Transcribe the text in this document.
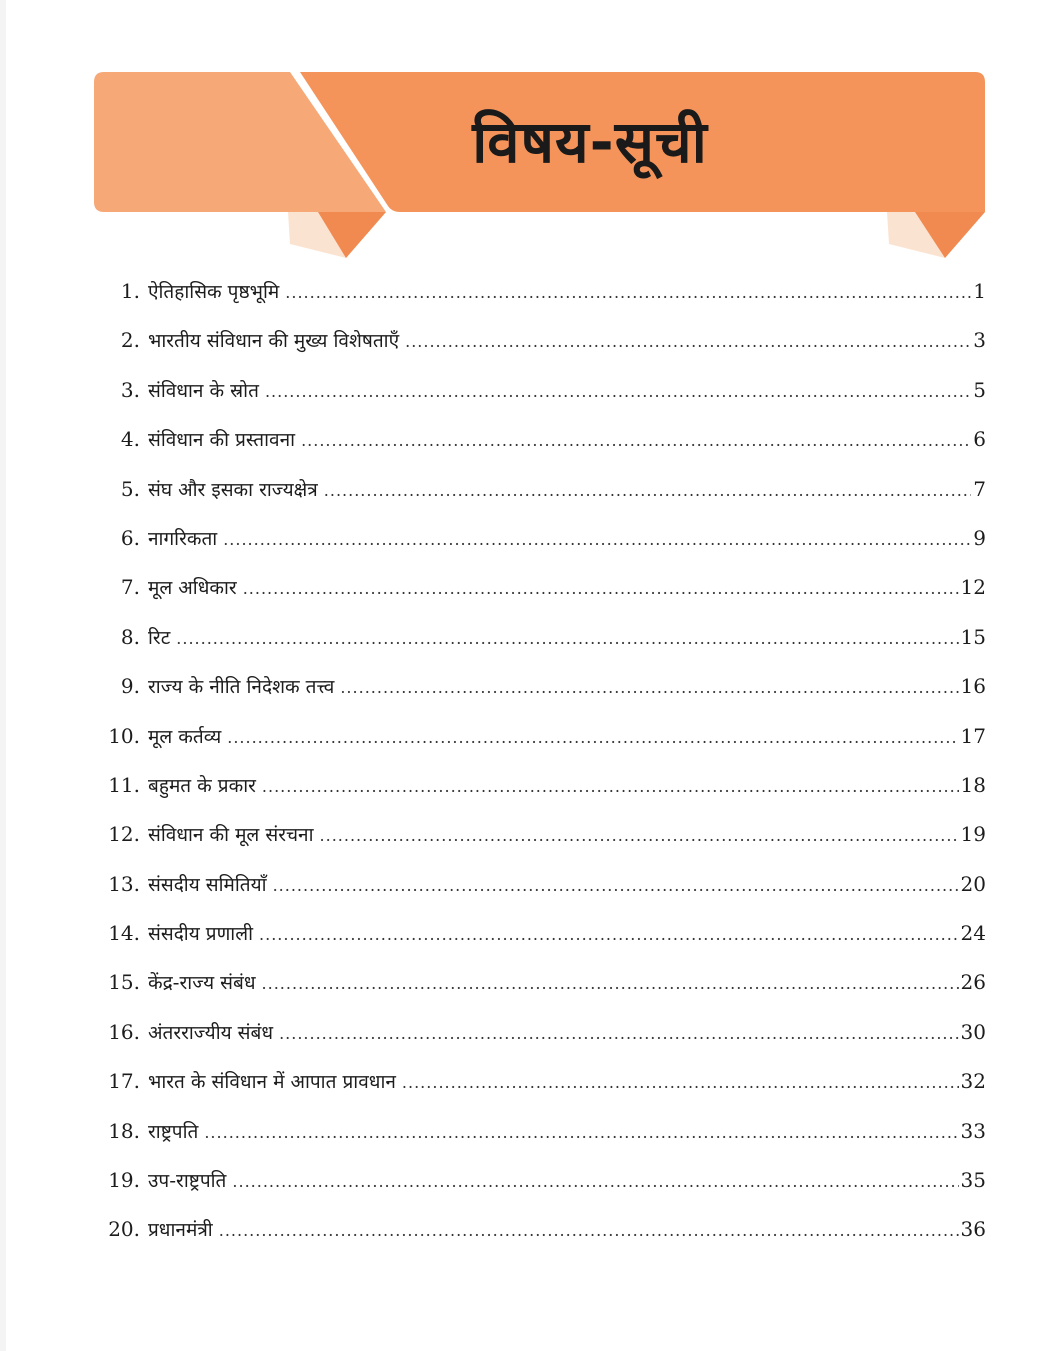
विषय-सूची
1. ऐतिहासिक पृष्ठभूमि .....	1
2. भारतीय संविधान की मुख्य विशेषताएँ .....	3
3. संविधान के स्रोत .....	5
4. संविधान की प्रस्तावना .....	6
5. संघ और इसका राज्यक्षेत्र .....	7
6. नागरिकता .....	9
7. मूल अधिकार .....	12
8. रिट .....	15
9. राज्य के नीति निदेशक तत्त्व .....	16
10. मूल कर्तव्य .....	17
11. बहुमत के प्रकार .....	18
12. संविधान की मूल संरचना .....	19
13. संसदीय समितियाँ .....	20
14. संसदीय प्रणाली .....	24
15. केंद्र-राज्य संबंध .....	26
16. अंतरराज्यीय संबंध .....	30
17. भारत के संविधान में आपात प्रावधान .....	32
18. राष्ट्रपति .....	33
19. उप-राष्ट्रपति .....	35
20. प्रधानमंत्री .....	36
